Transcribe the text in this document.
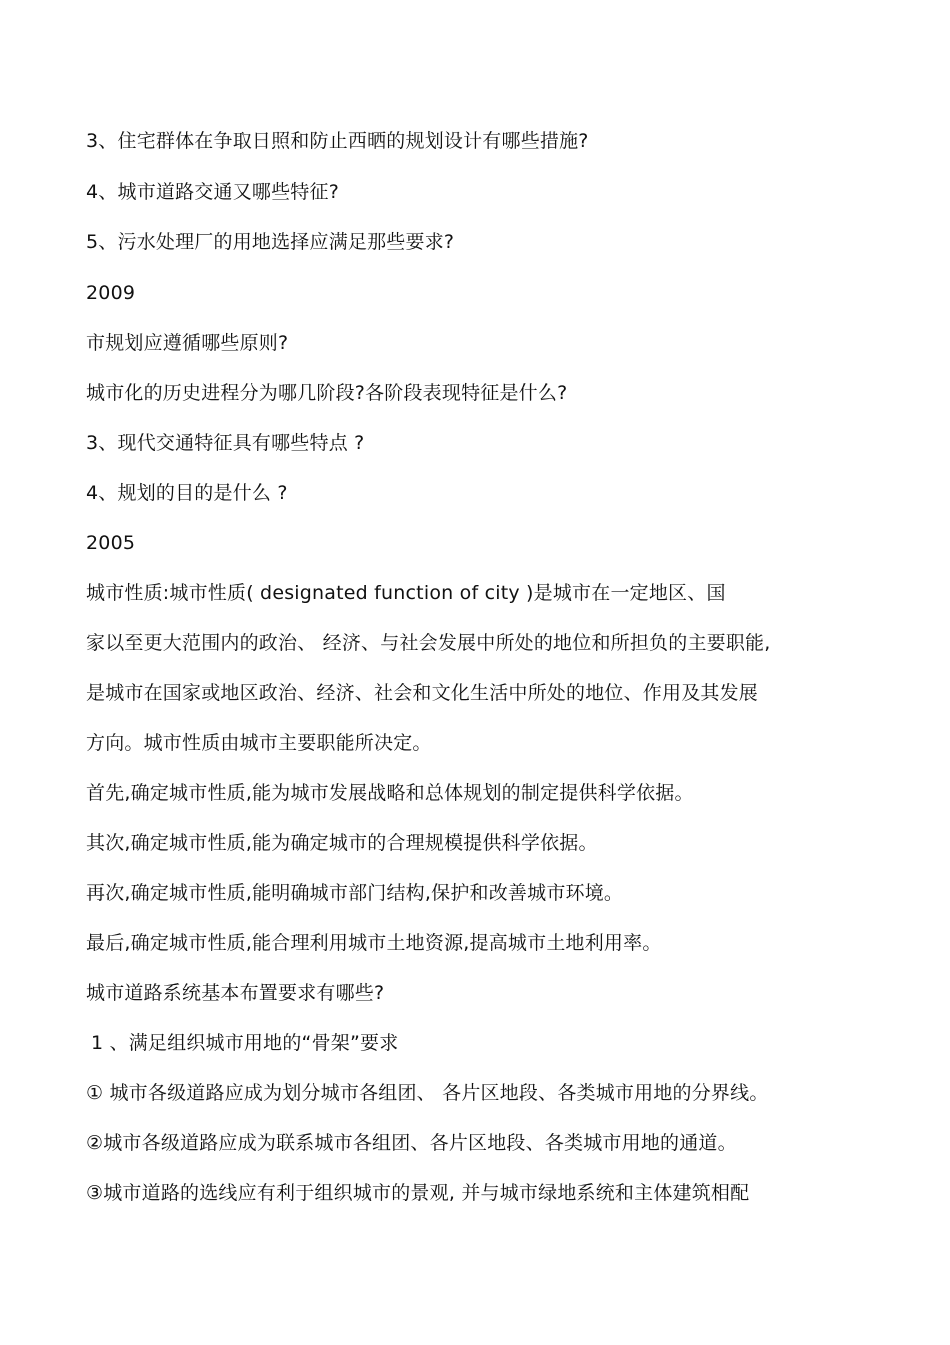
3、住宅群体在争取日照和防止西晒的规划设计有哪些措施?
4、城市道路交通又哪些特征?
5、污水处理厂的用地选择应满足那些要求?
2009
市规划应遵循哪些原则?
城市化的历史进程分为哪几阶段?各阶段表现特征是什么?
3、现代交通特征具有哪些特点 ?
4、规划的目的是什么 ?
2005
城市性质:城市性质( designated function of city )是城市在一定地区、国
家以至更大范围内的政治、 经济、与社会发展中所处的地位和所担负的主要职能,
是城市在国家或地区政治、经济、社会和文化生活中所处的地位、作用及其发展
方向。城市性质由城市主要职能所决定。
首先,确定城市性质,能为城市发展战略和总体规划的制定提供科学依据。
其次,确定城市性质,能为确定城市的合理规模提供科学依据。
再次,确定城市性质,能明确城市部门结构,保护和改善城市环境。
最后,确定城市性质,能合理利用城市土地资源,提高城市土地利用率。
城市道路系统基本布置要求有哪些?
1 、满足组织城市用地的“骨架”要求
① 城市各级道路应成为划分城市各组团、 各片区地段、各类城市用地的分界线。
②城市各级道路应成为联系城市各组团、各片区地段、各类城市用地的通道。
③城市道路的选线应有利于组织城市的景观, 并与城市绿地系统和主体建筑相配
